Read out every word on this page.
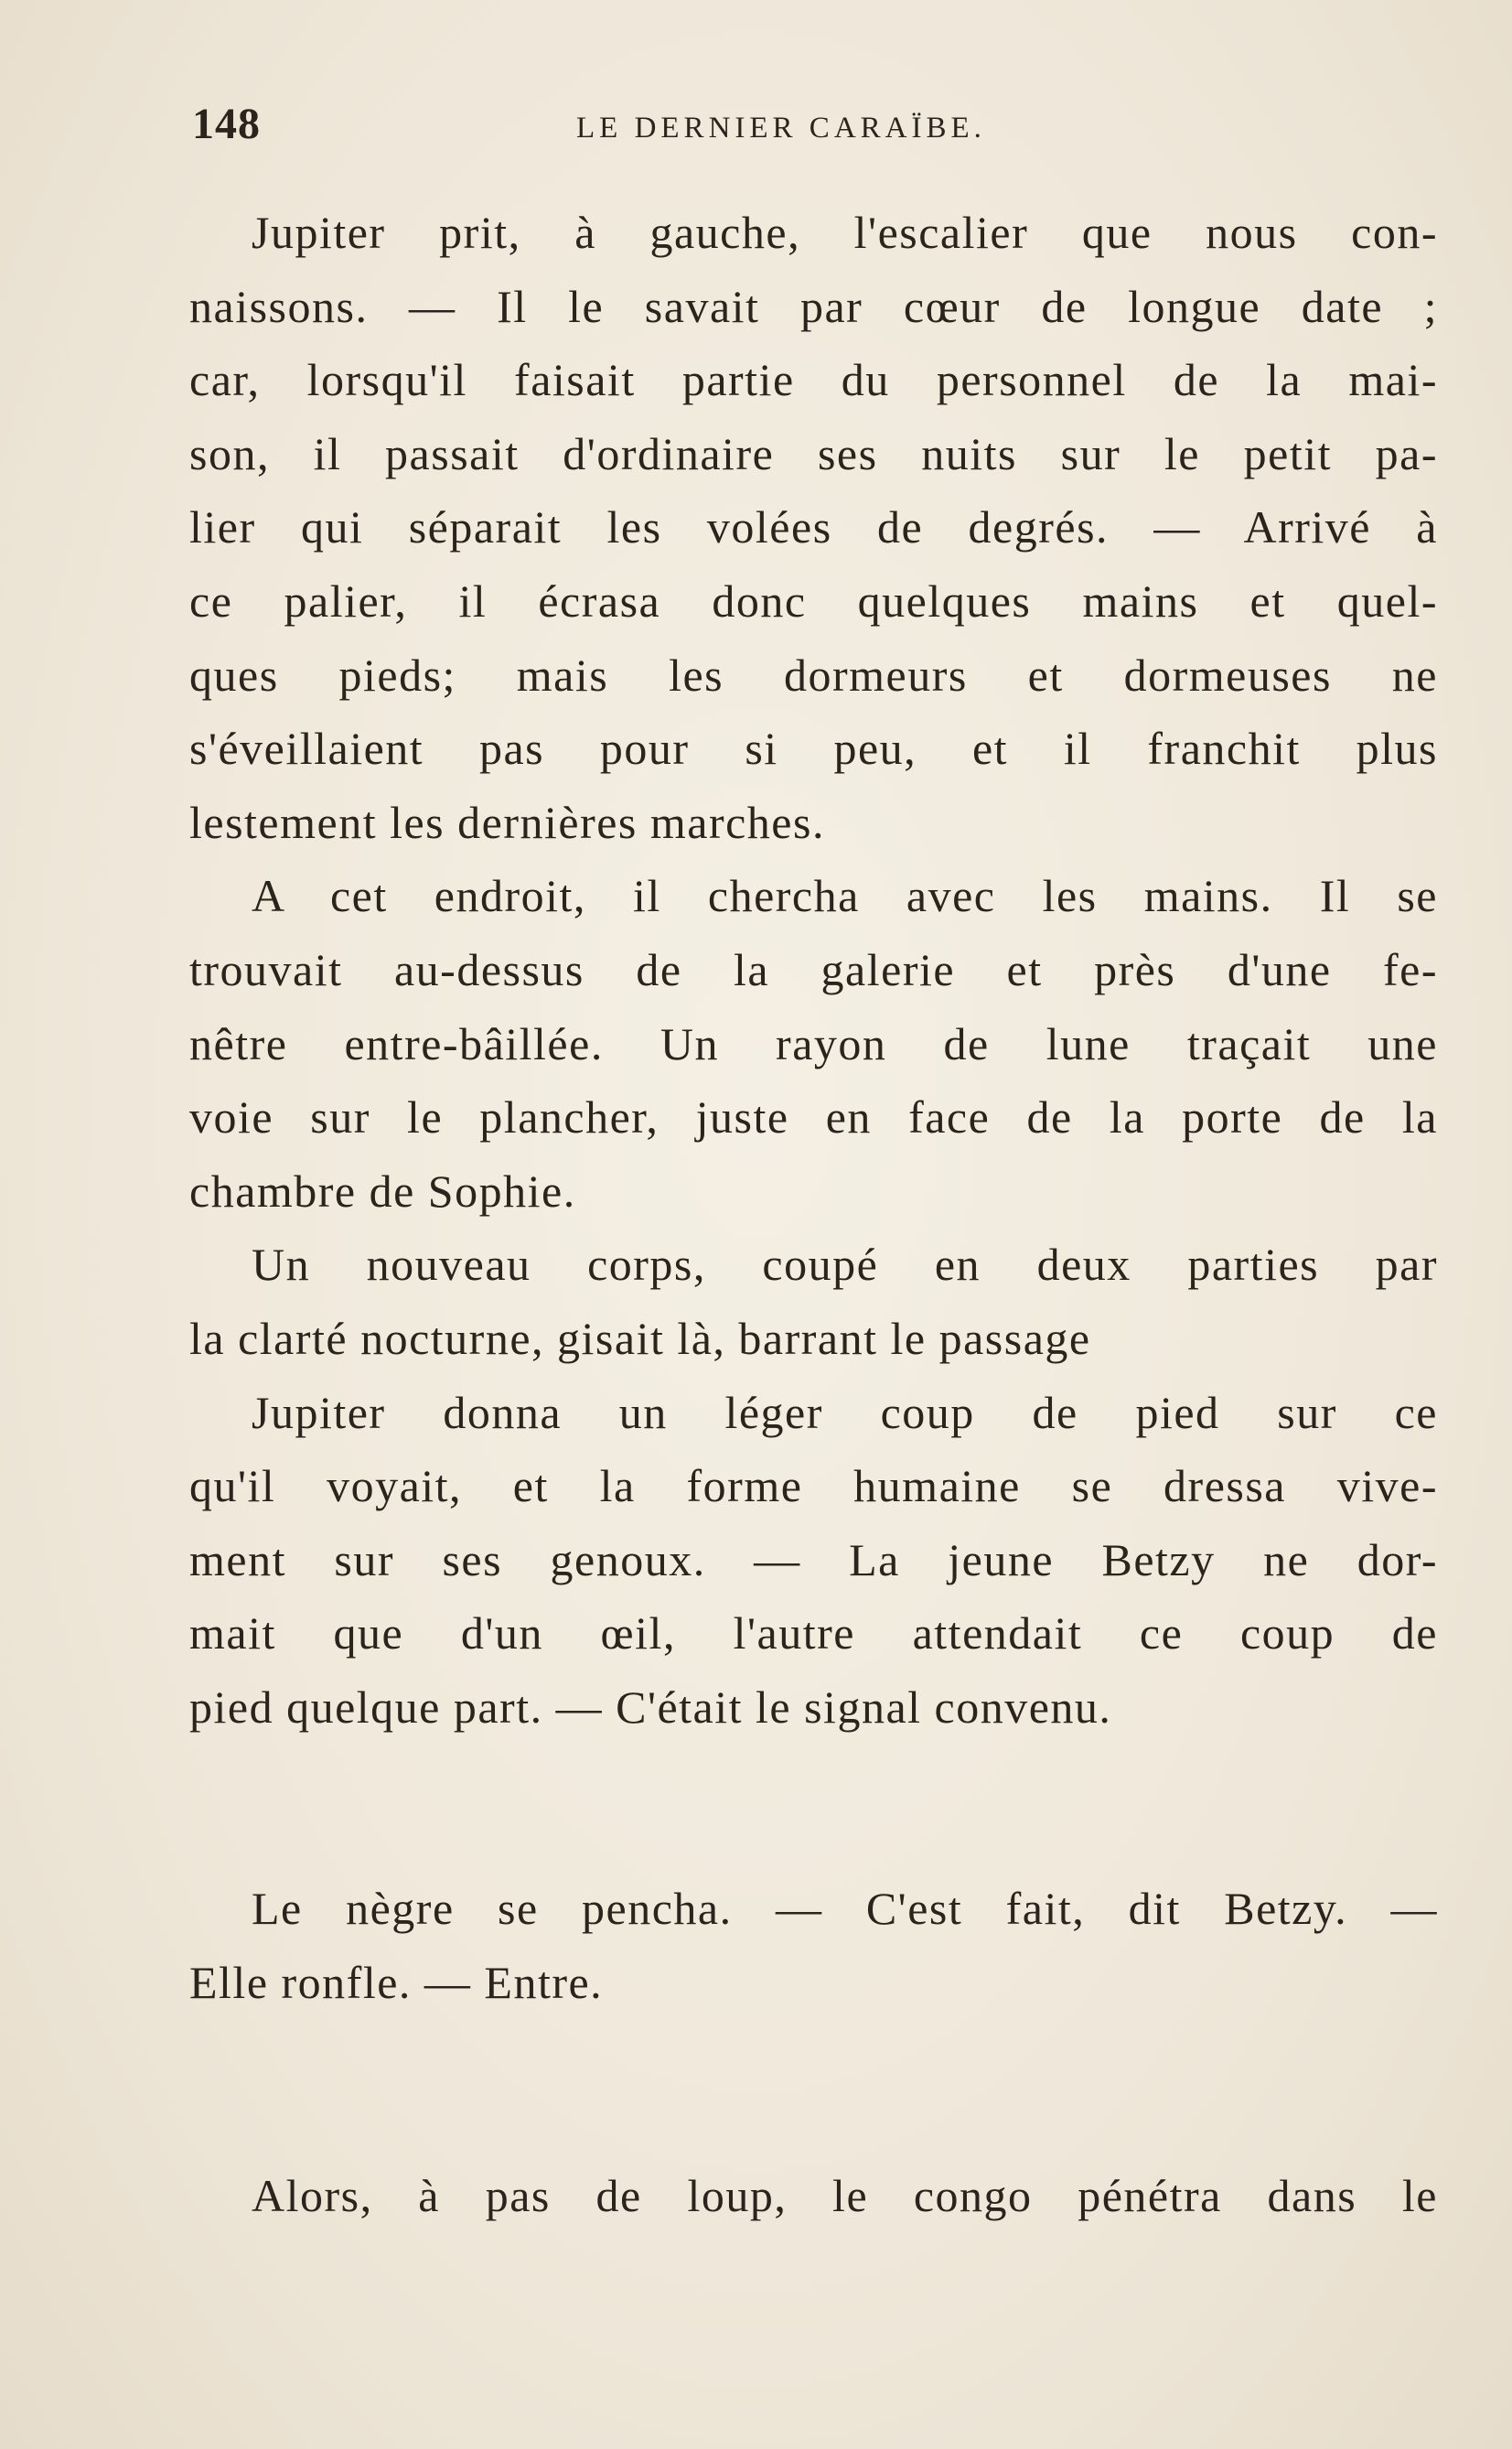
148	LE DERNIER CARAÏBE.
Jupiter prit, à gauche, l'escalier que nous con-
naissons. — Il le savait par cœur de longue date ;
car, lorsqu'il faisait partie du personnel de la mai-
son, il passait d'ordinaire ses nuits sur le petit pa-
lier qui séparait les volées de degrés. — Arrivé à
ce palier, il écrasa donc quelques mains et quel-
ques pieds; mais les dormeurs et dormeuses ne
s'éveillaient pas pour si peu, et il franchit plus
lestement les dernières marches.
A cet endroit, il chercha avec les mains. Il se
trouvait au-dessus de la galerie et près d'une fe-
nêtre entre-bâillée. Un rayon de lune traçait une
voie sur le plancher, juste en face de la porte de la
chambre de Sophie.
Un nouveau corps, coupé en deux parties par
la clarté nocturne, gisait là, barrant le passage
Jupiter donna un léger coup de pied sur ce
qu'il voyait, et la forme humaine se dressa vive-
ment sur ses genoux. — La jeune Betzy ne dor-
mait que d'un œil, l'autre attendait ce coup de
pied quelque part. — C'était le signal convenu.
Le nègre se pencha. — C'est fait, dit Betzy. —
Elle ronfle. — Entre.
Alors, à pas de loup, le congo pénétra dans le
